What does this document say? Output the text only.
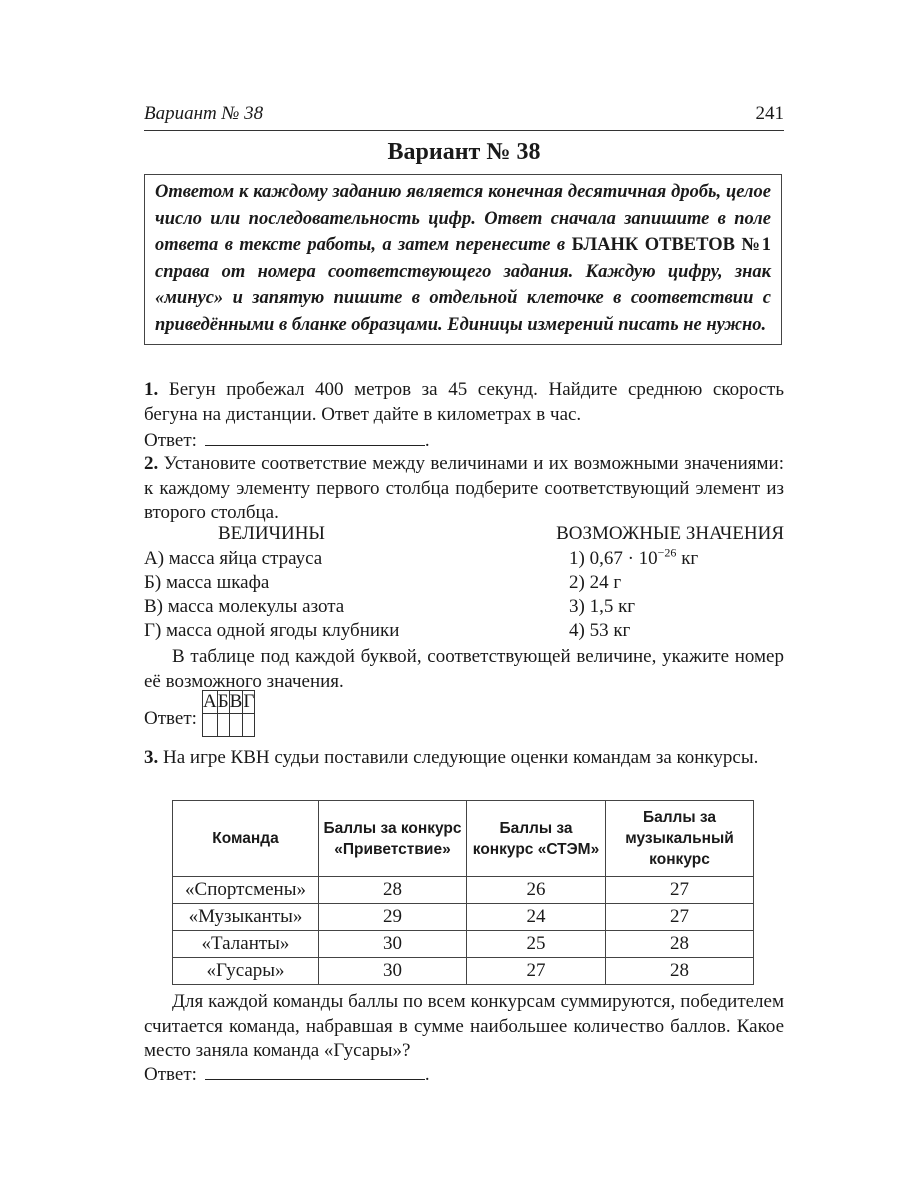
Вариант № 38	241
Вариант № 38
Ответом к каждому заданию является конечная десятичная дробь, целое число или последовательность цифр. Ответ сначала запишите в поле ответа в тексте работы, а затем перенесите в БЛАНК ОТВЕТОВ №1 справа от номера соответствующего задания. Каждую цифру, знак «минус» и запятую пишите в отдельной клеточке в соответствии с приведёнными в бланке образцами. Единицы измерений писать не нужно.
1. Бегун пробежал 400 метров за 45 секунд. Найдите среднюю скорость бегуна на дистанции. Ответ дайте в километрах в час.
Ответ:	.
2. Установите соответствие между величинами и их возможными значениями: к каждому элементу первого столбца подберите соответствующий элемент из второго столбца.
ВЕЛИЧИНЫ	ВОЗМОЖНЫЕ ЗНАЧЕНИЯ
А) масса яйца страуса	1) $0,67 \cdot 10^{-26}$ кг
Б) масса шкафа	2) 24 г
В) масса молекулы азота	3) 1,5 кг
Г) масса одной ягоды клубники	4) 53 кг
В таблице под каждой буквой, соответствующей величине, укажите номер её возможного значения.
Ответ:
А	Б	В	Г

3. На игре КВН судьи поставили следующие оценки командам за конкурсы.
Команда	Баллы за конкурс «Приветствие»	Баллы за конкурс «СТЭМ»	Баллы за музыкальный конкурс
«Спортсмены»	28	26	27
«Музыканты»	29	24	27
«Таланты»	30	25	28
«Гусары»	30	27	28
Для каждой команды баллы по всем конкурсам суммируются, победителем считается команда, набравшая в сумме наибольшее количество баллов. Какое место заняла команда «Гусары»?
Ответ:	.
